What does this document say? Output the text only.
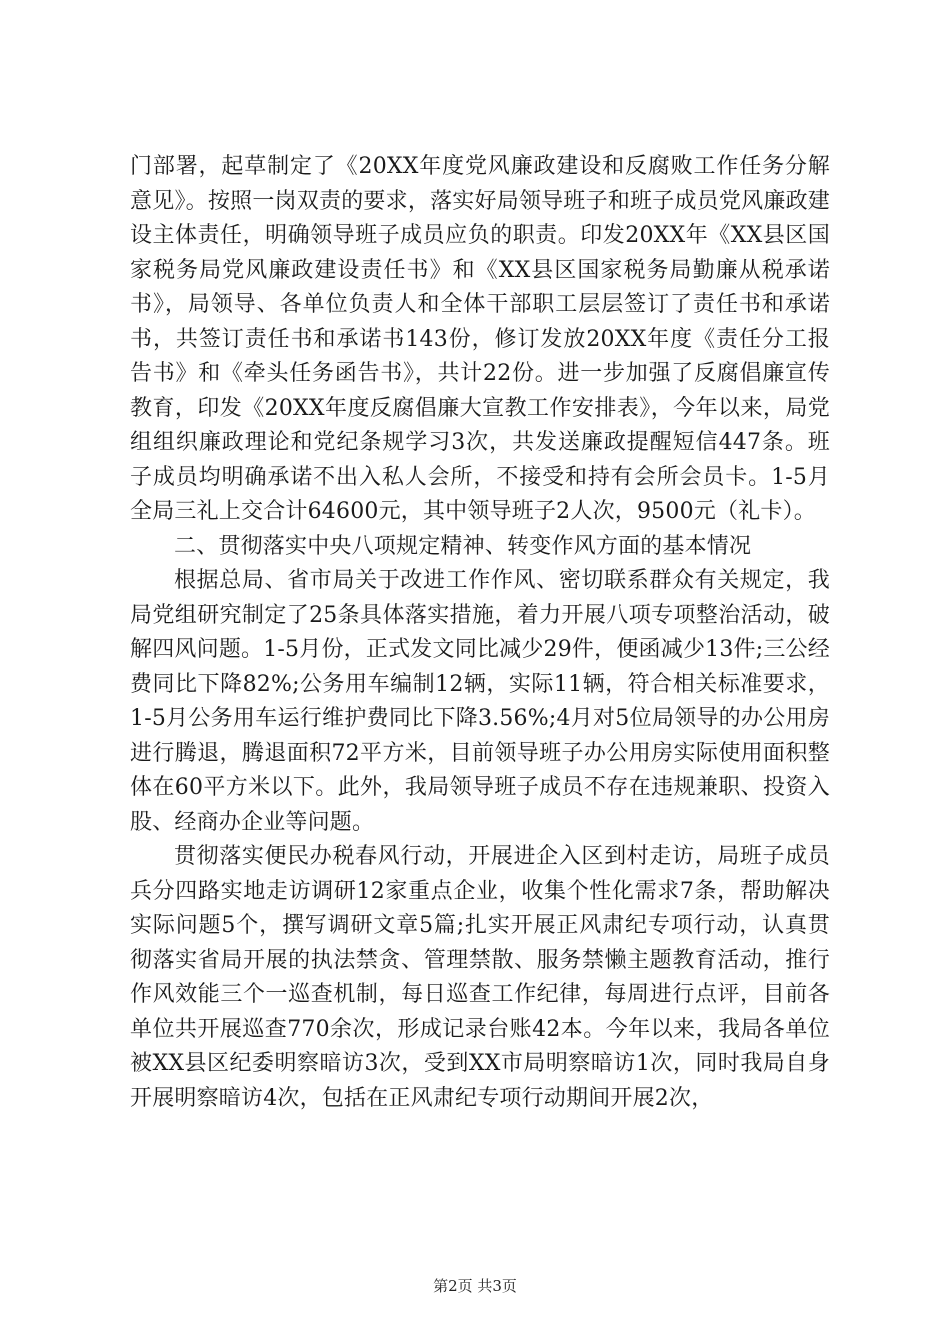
门部署，起草制定了《20XX年度党风廉政建设和反腐败工作任务分解意见》。按照一岗双责的要求，落实好局领导班子和班子成员党风廉政建设主体责任，明确领导班子成员应负的职责。印发20XX年《XX县区国家税务局党风廉政建设责任书》和《XX县区国家税务局勤廉从税承诺书》，局领导、各单位负责人和全体干部职工层层签订了责任书和承诺书，共签订责任书和承诺书143份，修订发放20XX年度《责任分工报告书》和《牵头任务函告书》，共计22份。进一步加强了反腐倡廉宣传教育，印发《20XX年度反腐倡廉大宣教工作安排表》，今年以来，局党组组织廉政理论和党纪条规学习3次，共发送廉政提醒短信447条。班子成员均明确承诺不出入私人会所，不接受和持有会所会员卡。1-5月全局三礼上交合计64600元，其中领导班子2人次，9500元（礼卡）。

二、贯彻落实中央八项规定精神、转变作风方面的基本情况

根据总局、省市局关于改进工作作风、密切联系群众有关规定，我局党组研究制定了25条具体落实措施，着力开展八项专项整治活动，破解四风问题。1-5月份，正式发文同比减少29件，便函减少13件;三公经费同比下降82%;公务用车编制12辆，实际11辆，符合相关标准要求，1-5月公务用车运行维护费同比下降3.56%;4月对5位局领导的办公用房进行腾退，腾退面积72平方米，目前领导班子办公用房实际使用面积整体在60平方米以下。此外，我局领导班子成员不存在违规兼职、投资入股、经商办企业等问题。

贯彻落实便民办税春风行动，开展进企入区到村走访，局班子成员兵分四路实地走访调研12家重点企业，收集个性化需求7条，帮助解决实际问题5个，撰写调研文章5篇;扎实开展正风肃纪专项行动，认真贯彻落实省局开展的执法禁贪、管理禁散、服务禁懒主题教育活动，推行作风效能三个一巡查机制，每日巡查工作纪律，每周进行点评，目前各单位共开展巡查770余次，形成记录台账42本。今年以来，我局各单位被XX县区纪委明察暗访3次，受到XX市局明察暗访1次，同时我局自身开展明察暗访4次，包括在正风肃纪专项行动期间开展2次，

第2页 共3页
